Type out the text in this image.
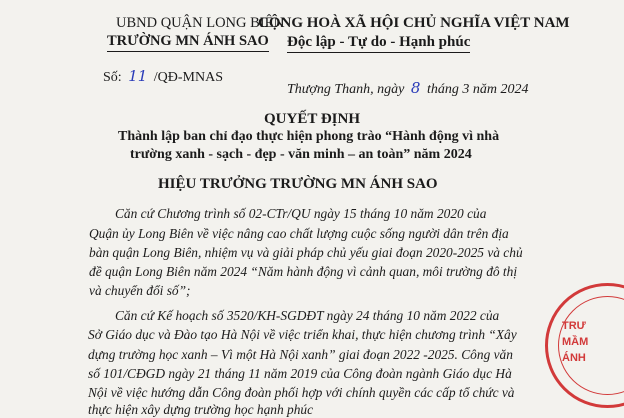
UBND QUẬN LONG BIÊN
TRƯỜNG MN ÁNH SAO
Số: 11 /QĐ-MNAS
CỘNG HOÀ XÃ HỘI CHỦ NGHĨA VIỆT NAM
Độc lập - Tự do - Hạnh phúc
Thượng Thanh, ngày 8 tháng 3 năm 2024
QUYẾT ĐỊNH
Thành lập ban chỉ đạo thực hiện phong trào “Hành động vì nhà
trường xanh - sạch - đẹp - văn minh – an toàn” năm 2024
HIỆU TRƯỞNG TRƯỜNG MN ÁNH SAO
Căn cứ Chương trình số 02-CTr/QU ngày 15 tháng 10 năm 2020 của
Quận ủy Long Biên về việc nâng cao chất lượng cuộc sống người dân trên địa
bàn quận Long Biên, nhiệm vụ và giải pháp chủ yếu giai đoạn 2020-2025 và chủ
đề quận Long Biên năm 2024 “Năm hành động vì cảnh quan, môi trường đô thị
và chuyển đổi số”;
Căn cứ Kế hoạch số 3520/KH-SGDĐT ngày 24 tháng 10 năm 2022 của
Sở Giáo dục và Đào tạo Hà Nội về việc triển khai, thực hiện chương trình “Xây
dựng trường học xanh – Vì một Hà Nội xanh” giai đoạn 2022 -2025. Công văn
số 101/CĐGD ngày 21 tháng 11 năm 2019 của Công đoàn ngành Giáo dục Hà
Nội về việc hướng dẫn Công đoàn phối hợp với chính quyền các cấp tổ chức và
thực hiện xây dựng trường học hạnh phúc
TRƯ
MẦM
ÁNH
